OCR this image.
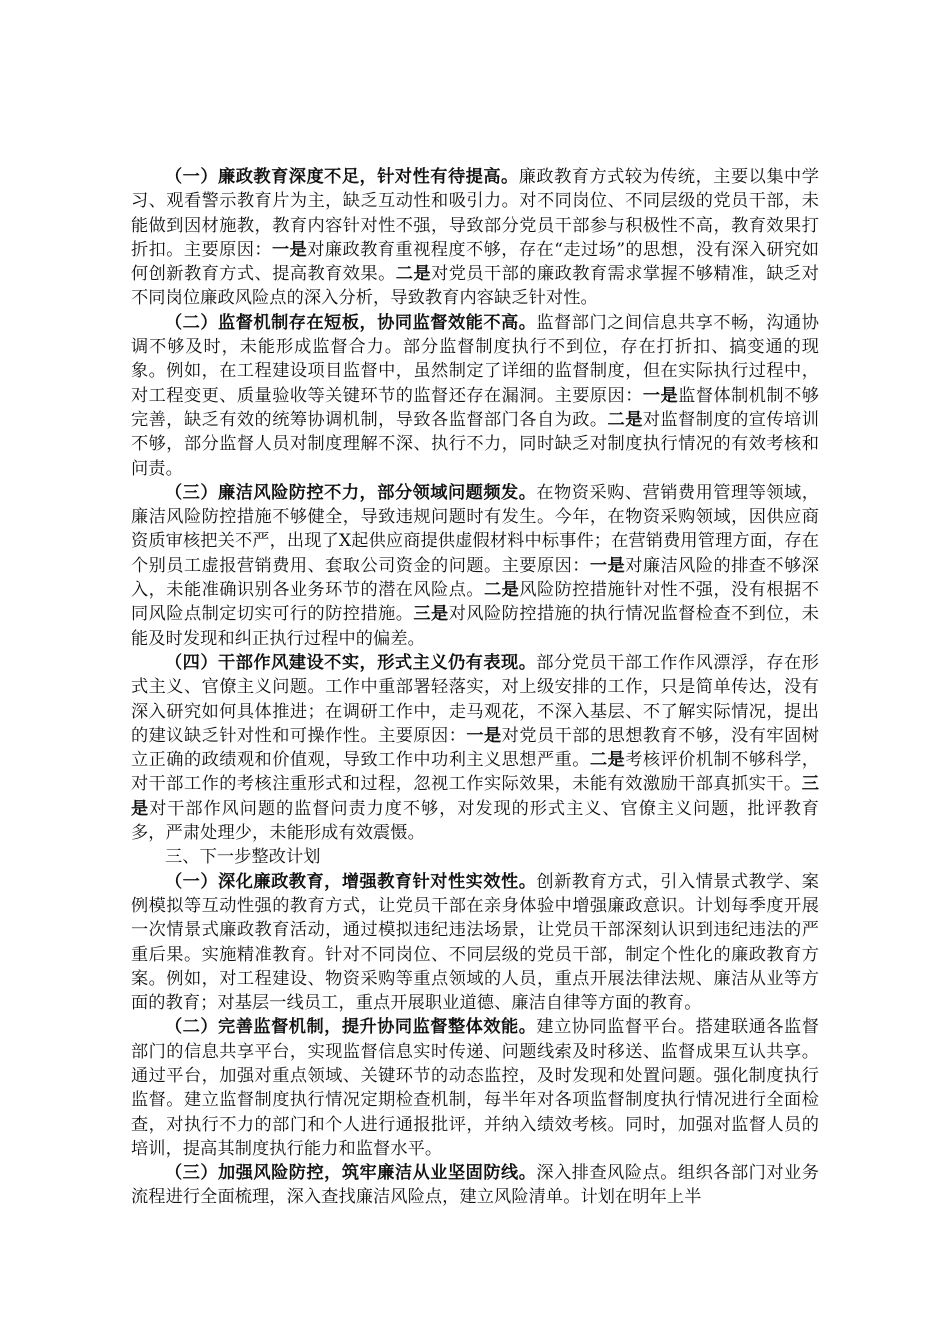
（一）廉政教育深度不足，针对性有待提高。廉政教育方式较为传统，主要以集中学习、观看警示教育片为主，缺乏互动性和吸引力。对不同岗位、不同层级的党员干部，未能做到因材施教，教育内容针对性不强，导致部分党员干部参与积极性不高，教育效果打折扣。主要原因：一是对廉政教育重视程度不够，存在“走过场”的思想，没有深入研究如何创新教育方式、提高教育效果。二是对党员干部的廉政教育需求掌握不够精准，缺乏对不同岗位廉政风险点的深入分析，导致教育内容缺乏针对性。

（二）监督机制存在短板，协同监督效能不高。监督部门之间信息共享不畅，沟通协调不够及时，未能形成监督合力。部分监督制度执行不到位，存在打折扣、搞变通的现象。例如，在工程建设项目监督中，虽然制定了详细的监督制度，但在实际执行过程中，对工程变更、质量验收等关键环节的监督还存在漏洞。主要原因：一是监督体制机制不够完善，缺乏有效的统筹协调机制，导致各监督部门各自为政。二是对监督制度的宣传培训不够，部分监督人员对制度理解不深、执行不力，同时缺乏对制度执行情况的有效考核和问责。

（三）廉洁风险防控不力，部分领域问题频发。在物资采购、营销费用管理等领域，廉洁风险防控措施不够健全，导致违规问题时有发生。今年，在物资采购领域，因供应商资质审核把关不严，出现了X起供应商提供虚假材料中标事件；在营销费用管理方面，存在个别员工虚报营销费用、套取公司资金的问题。主要原因：一是对廉洁风险的排查不够深入，未能准确识别各业务环节的潜在风险点。二是风险防控措施针对性不强，没有根据不同风险点制定切实可行的防控措施。三是对风险防控措施的执行情况监督检查不到位，未能及时发现和纠正执行过程中的偏差。

（四）干部作风建设不实，形式主义仍有表现。部分党员干部工作作风漂浮，存在形式主义、官僚主义问题。工作中重部署轻落实，对上级安排的工作，只是简单传达，没有深入研究如何具体推进；在调研工作中，走马观花，不深入基层、不了解实际情况，提出的建议缺乏针对性和可操作性。主要原因：一是对党员干部的思想教育不够，没有牢固树立正确的政绩观和价值观，导致工作中功利主义思想严重。二是考核评价机制不够科学，对干部工作的考核注重形式和过程，忽视工作实际效果，未能有效激励干部真抓实干。三是对干部作风问题的监督问责力度不够，对发现的形式主义、官僚主义问题，批评教育多，严肃处理少，未能形成有效震慑。

三、下一步整改计划

（一）深化廉政教育，增强教育针对性实效性。创新教育方式，引入情景式教学、案例模拟等互动性强的教育方式，让党员干部在亲身体验中增强廉政意识。计划每季度开展一次情景式廉政教育活动，通过模拟违纪违法场景，让党员干部深刻认识到违纪违法的严重后果。实施精准教育。针对不同岗位、不同层级的党员干部，制定个性化的廉政教育方案。例如，对工程建设、物资采购等重点领域的人员，重点开展法律法规、廉洁从业等方面的教育；对基层一线员工，重点开展职业道德、廉洁自律等方面的教育。

（二）完善监督机制，提升协同监督整体效能。建立协同监督平台。搭建联通各监督部门的信息共享平台，实现监督信息实时传递、问题线索及时移送、监督成果互认共享。通过平台，加强对重点领域、关键环节的动态监控，及时发现和处置问题。强化制度执行监督。建立监督制度执行情况定期检查机制，每半年对各项监督制度执行情况进行全面检查，对执行不力的部门和个人进行通报批评，并纳入绩效考核。同时，加强对监督人员的培训，提高其制度执行能力和监督水平。

（三）加强风险防控，筑牢廉洁从业坚固防线。深入排查风险点。组织各部门对业务流程进行全面梳理，深入查找廉洁风险点，建立风险清单。计划在明年上半
